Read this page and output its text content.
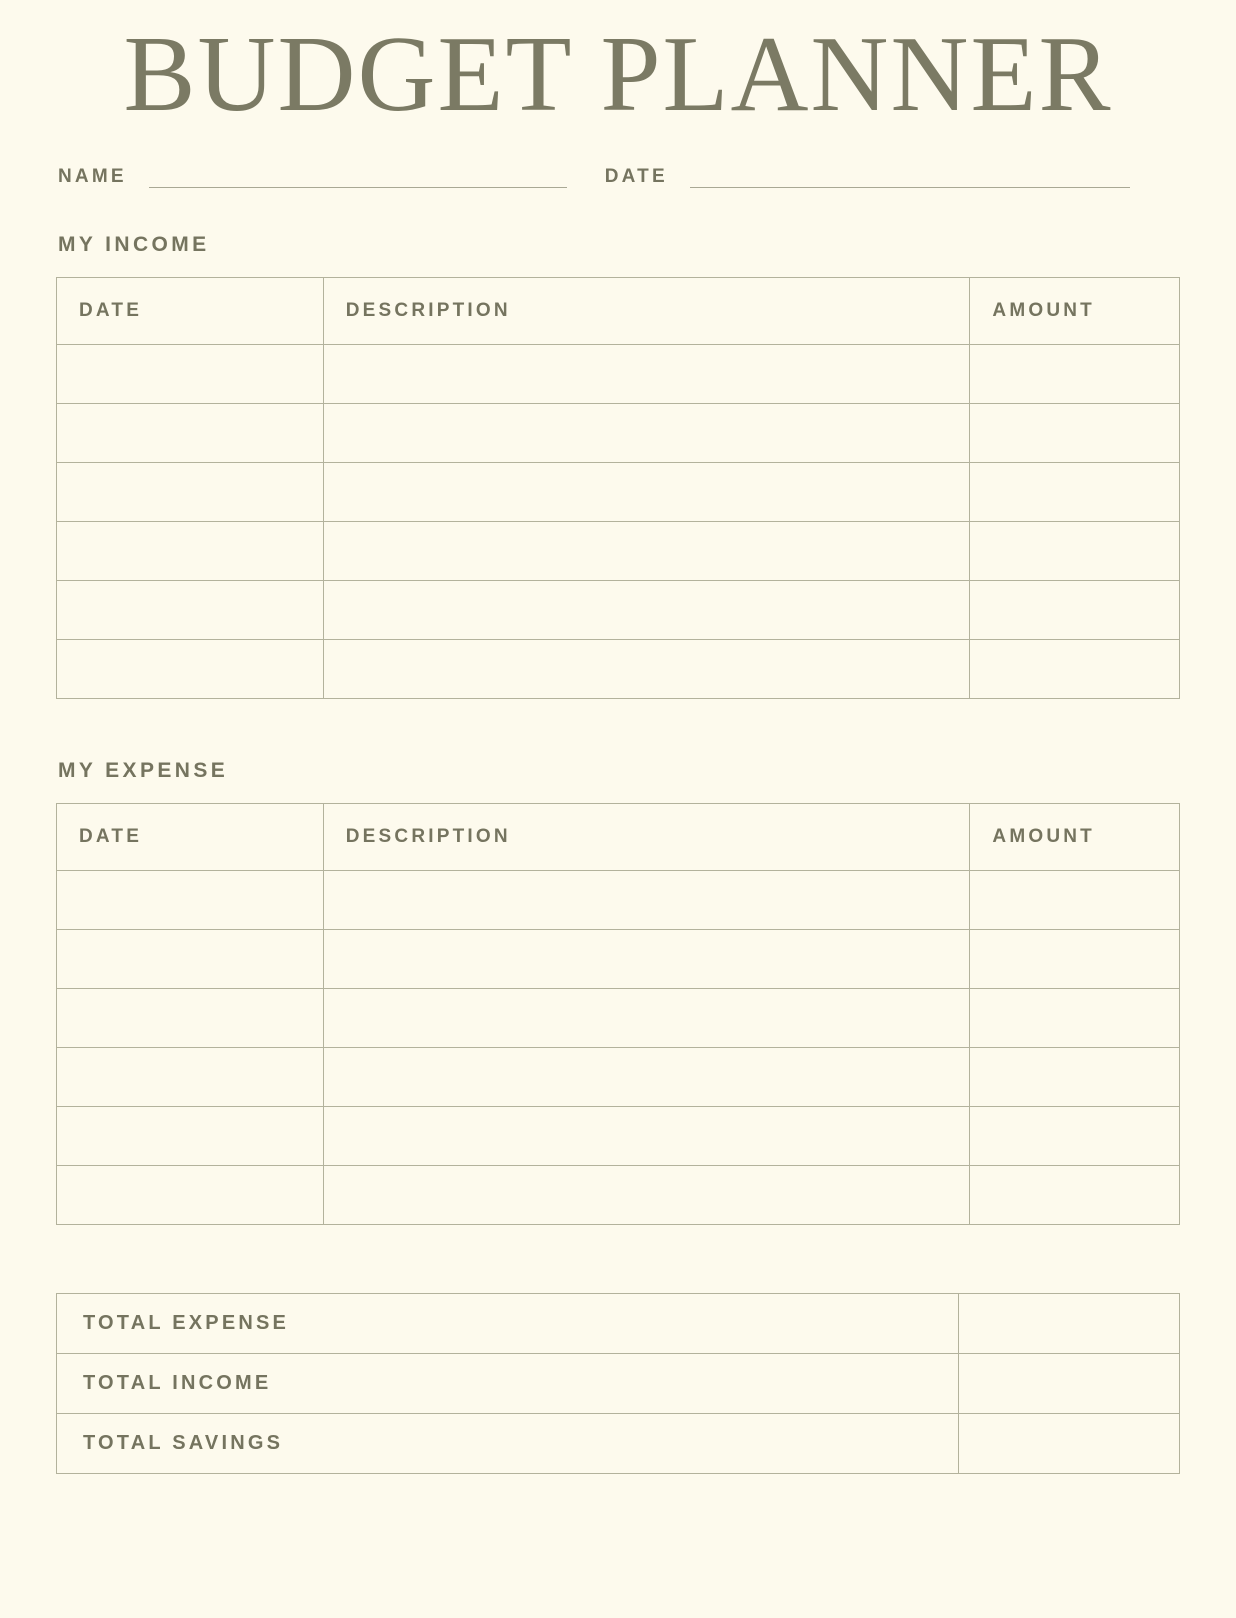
BUDGET PLANNER
NAME	DATE
MY INCOME
DATE	DESCRIPTION	AMOUNT

MY EXPENSE
DATE	DESCRIPTION	AMOUNT

TOTAL EXPENSE	
TOTAL INCOME	
TOTAL SAVINGS	
